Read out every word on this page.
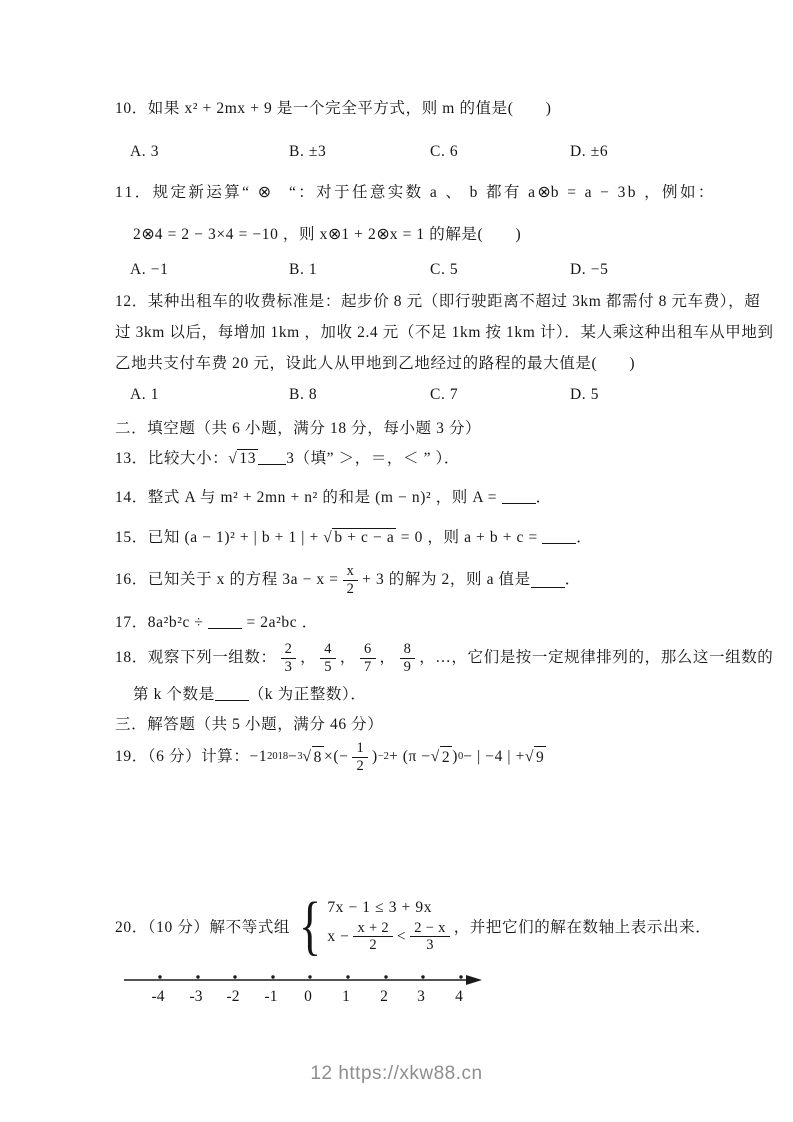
10．如果 x² + 2mx + 9 是一个完全平方式，则 m 的值是(　　)
A. 3	B. ±3	C. 6	D. ±6
11．规定新运算“ ⊗　“：对于任意实数 a 、 b 都有 a⊗b = a − 3b ，例如：
2⊗4 = 2 − 3×4 = −10 ，则 x⊗1 + 2⊗x = 1 的解是(　　)
A. −1	B. 1	C. 5	D. −5
12．某种出租车的收费标准是：起步价 8 元（即行驶距离不超过 3km 都需付 8 元车费），超
过 3km 以后，每增加 1km ，加收 2.4 元（不足 1km 按 1km 计）．某人乘这种出租车从甲地到
乙地共支付车费 20 元，设此人从甲地到乙地经过的路程的最大值是(　　)
A. 1	B. 8	C. 7	D. 5
二．填空题（共 6 小题，满分 18 分，每小题 3 分）
13．比较大小：√ 13 3（填” ＞，＝，＜ ” ）．
14．整式 A 与 m² + 2mn + n² 的和是 (m − n)² ，则 A = ．
15．已知 (a − 1)² + | b + 1 | + √ b + c − a = 0 ，则 a + b + c = ．
16．已知关于 x 的方程 $3a - x = \frac{x}{2} + 3$ 的解为 2，则 a 值是 ．
17．8a²b²c ÷  = 2a²bc ．
18．观察下列一组数： $\frac{2}{3}$ ， $\frac{4}{5}$ ， $\frac{6}{7}$ ， $\frac{8}{9}$ ，…，它们是按一定规律排列的，那么这一组数的
第 k 个数是 （k 为正整数）．
三．解答题（共 5 小题，满分 46 分）
19．（6 分）计算：−1 2018 − 3 √ 8 ×(− $\frac{1}{2}$ ) −2 + (π − √ 2 ) 0 − | −4 | + √ 9
20．（10 分）解不等式组 { 7x − 1 ≤ 3 + 9x
$x - \frac{x + 2}{2} < \frac{2 - x}{3}$ ，并把它们的解在数轴上表示出来．
-4 -3 -2 -1 0 1 2 3 4
12 https://xkw88.cn
